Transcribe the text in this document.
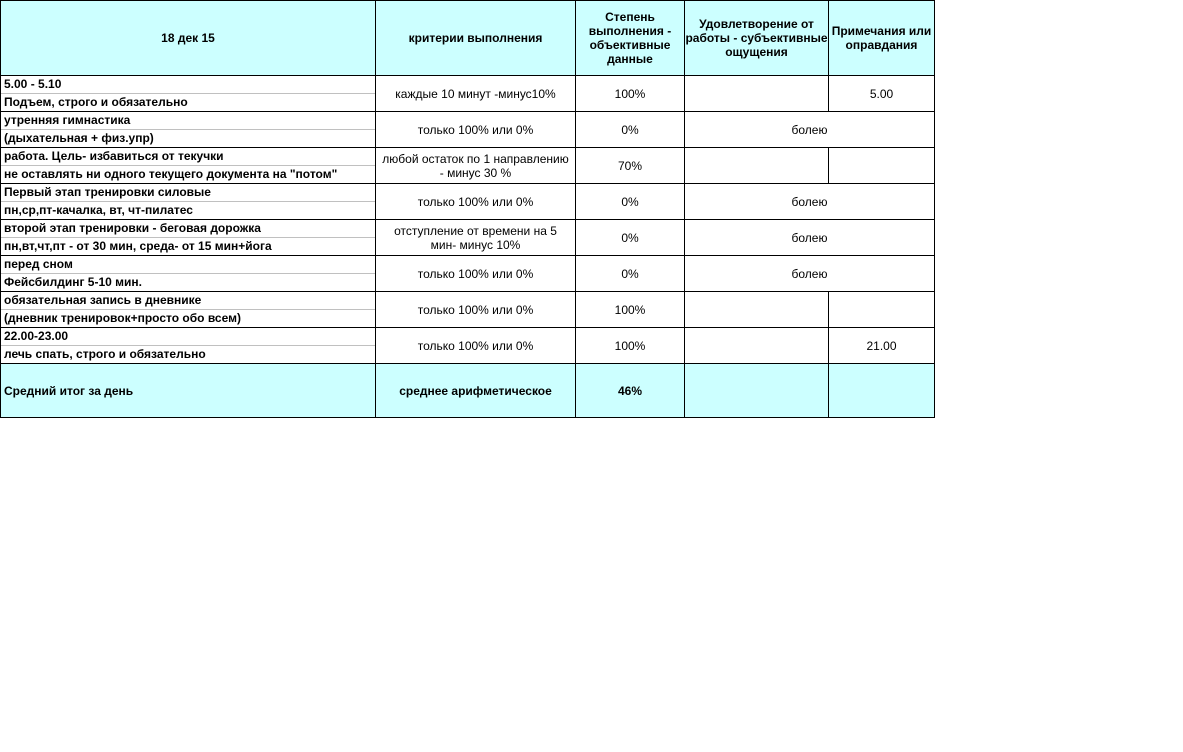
18 дек 15	критерии выполнения	Степень выполнения - объективные данные	Удовлетворение от работы - субъективные ощущения	Примечания или оправдания

5.00 - 5.10
Подъем, строго и обязательно	каждые 10 минут -минус10%	100%		5.00

утренняя гимнастика
(дыхательная + физ.упр)	только 100% или 0%	0%	болею	

работа. Цель- избавиться от текучки
не оставлять ни одного текущего документа на "потом"	любой остаток по 1 направлению - минус 30 %	70%		

Первый этап тренировки силовые
пн,ср,пт-качалка, вт, чт-пилатес	только 100% или 0%	0%	болею	

второй этап тренировки - беговая дорожка
пн,вт,чт,пт - от 30 мин, среда- от 15 мин+йога	отступление от времени на 5 мин- минус 10%	0%	болею	

перед сном
Фейсбилдинг 5-10 мин.	только 100% или 0%	0%	болею	

обязательная запись в дневнике
(дневник тренировок+просто обо всем)	только 100% или 0%	100%		

22.00-23.00
лечь спать, строго и обязательно	только 100% или 0%	100%		21.00
Средний итог за день	среднее арифметическое	46%		
